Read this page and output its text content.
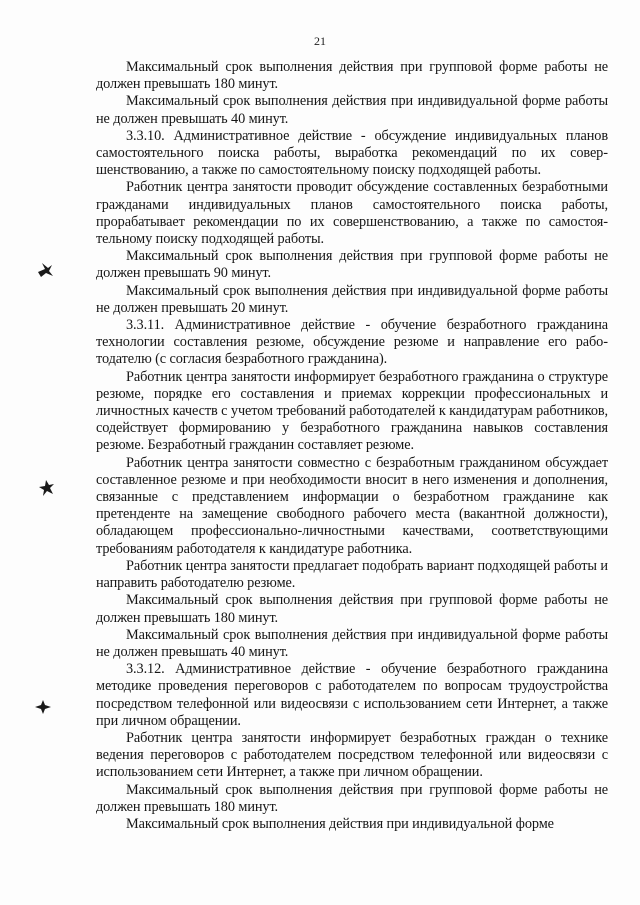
21

Максимальный срок выполнения действия при групповой форме работы не должен превышать 180 минут.

Максимальный срок выполнения действия при индивидуальной форме работы не должен превышать 40 минут.

3.3.10. Административное действие - обсуждение индивидуальных планов самостоятельного поиска работы, выработка рекомендаций по их совершенствованию, а также по самостоятельному поиску подходящей работы.

Работник центра занятости проводит обсуждение составленных безработными гражданами индивидуальных планов самостоятельного поиска работы, прорабатывает рекомендации по их совершенствованию, а также по самостоятельному поиску подходящей работы.

Максимальный срок выполнения действия при групповой форме работы не должен превышать 90 минут.

Максимальный срок выполнения действия при индивидуальной форме работы не должен превышать 20 минут.

3.3.11. Административное действие - обучение безработного гражданина технологии составления резюме, обсуждение резюме и направление его работодателю (с согласия безработного гражданина).

Работник центра занятости информирует безработного гражданина о структуре резюме, порядке его составления и приемах коррекции профессиональных и личностных качеств с учетом требований работодателей к кандидатурам работников, содействует формированию у безработного гражданина навыков составления резюме. Безработный гражданин составляет резюме.

Работник центра занятости совместно с безработным гражданином обсуждает составленное резюме и при необходимости вносит в него изменения и дополнения, связанные с представлением информации о безработном гражданине как претенденте на замещение свободного рабочего места (вакантной должности), обладающем профессионально-личностными качествами, соответствующими требованиям работодателя к кандидатуре работника.

Работник центра занятости предлагает подобрать вариант подходящей работы и направить работодателю резюме.

Максимальный срок выполнения действия при групповой форме работы не должен превышать 180 минут.

Максимальный срок выполнения действия при индивидуальной форме работы не должен превышать 40 минут.

3.3.12. Административное действие - обучение безработного гражданина методике проведения переговоров с работодателем по вопросам трудоустройства посредством телефонной или видеосвязи с использованием сети Интернет, а также при личном обращении.

Работник центра занятости информирует безработных граждан о технике ведения переговоров с работодателем посредством телефонной или видеосвязи с использованием сети Интернет, а также при личном обращении.

Максимальный срок выполнения действия при групповой форме работы не должен превышать 180 минут.

Максимальный срок выполнения действия при индивидуальной форме
